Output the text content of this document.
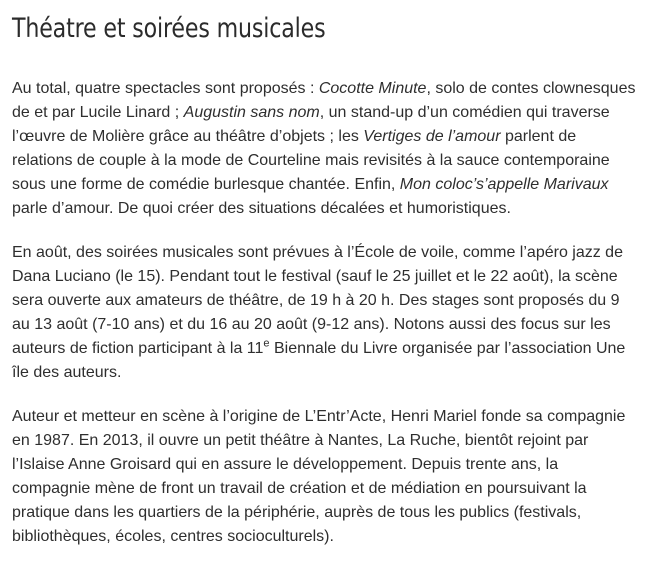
Théatre et soirées musicales

Au total, quatre spectacles sont proposés : Cocotte Minute, solo de contes clownesques de et par Lucile Linard ; Augustin sans nom, un stand-up d’un comédien qui traverse l’œuvre de Molière grâce au théâtre d’objets ; les Vertiges de l’amour parlent de relations de couple à la mode de Courteline mais revisités à la sauce contemporaine sous une forme de comédie burlesque chantée. Enfin, Mon coloc’s’appelle Marivaux parle d’amour. De quoi créer des situations décalées et humoristiques.

En août, des soirées musicales sont prévues à l’École de voile, comme l’apéro jazz de Dana Luciano (le 15). Pendant tout le festival (sauf le 25 juillet et le 22 août), la scène sera ouverte aux amateurs de théâtre, de 19 h à 20 h. Des stages sont proposés du 9 au 13 août (7-10 ans) et du 16 au 20 août (9-12 ans). Notons aussi des focus sur les auteurs de fiction participant à la 11e Biennale du Livre organisée par l’association Une île des auteurs.

Auteur et metteur en scène à l’origine de L’Entr’Acte, Henri Mariel fonde sa compagnie en 1987. En 2013, il ouvre un petit théâtre à Nantes, La Ruche, bientôt rejoint par l’Islaise Anne Groisard qui en assure le développement. Depuis trente ans, la compagnie mène de front un travail de création et de médiation en poursuivant la pratique dans les quartiers de la périphérie, auprès de tous les publics (festivals, bibliothèques, écoles, centres socioculturels).
